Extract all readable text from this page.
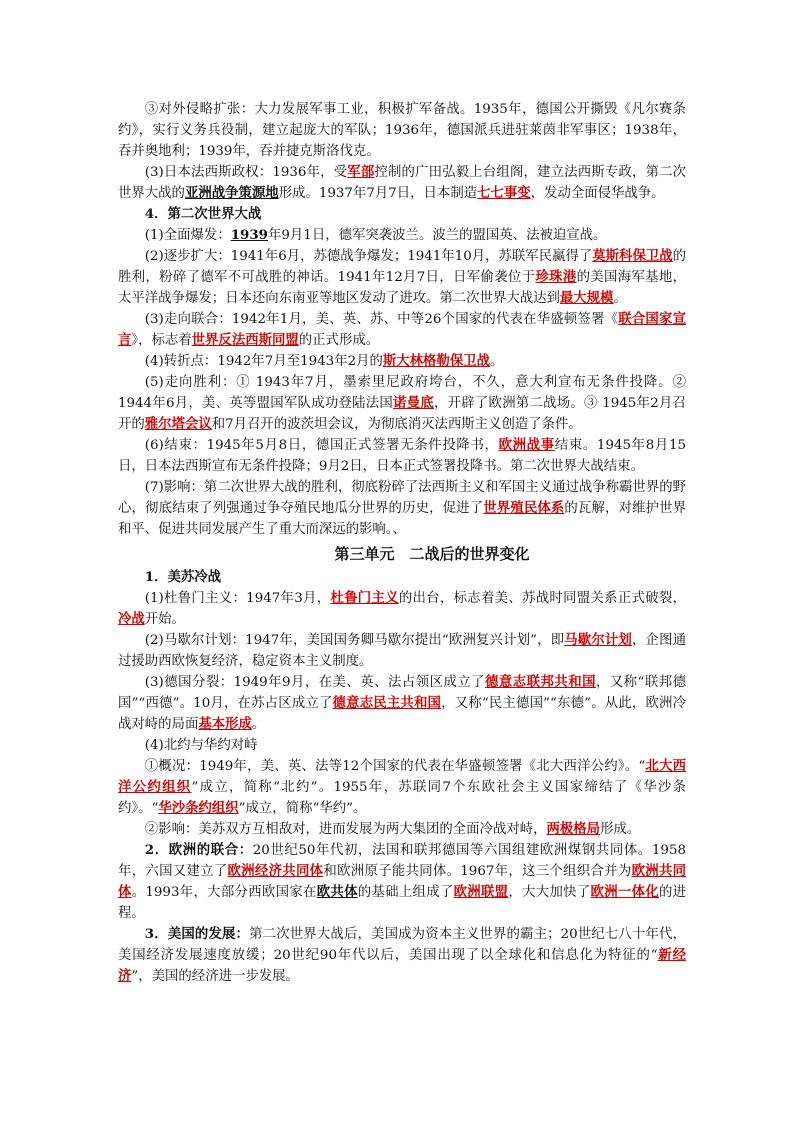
③对外侵略扩张：大力发展军事工业，积极扩军备战。1935年，德国公开撕毁《凡尔赛条约》，实行义务兵役制，建立起庞大的军队；1936年，德国派兵进驻莱茵非军事区；1938年，吞并奥地利；1939年，吞并捷克斯洛伐克。

(3)日本法西斯政权：1936年，受军部控制的广田弘毅上台组阁，建立法西斯专政，第二次世界大战的亚洲战争策源地形成。1937年7月7日，日本制造七七事变，发动全面侵华战争。

4．第二次世界大战

(1)全面爆发：1939年9月1日，德军突袭波兰。波兰的盟国英、法被迫宣战。

(2)逐步扩大：1941年6月，苏德战争爆发；1941年10月，苏联军民赢得了莫斯科保卫战的胜利，粉碎了德军不可战胜的神话。1941年12月7日，日军偷袭位于珍珠港的美国海军基地，太平洋战争爆发；日本还向东南亚等地区发动了进攻。第二次世界大战达到最大规模。

(3)走向联合：1942年1月，美、英、苏、中等26个国家的代表在华盛顿签署《联合国家宣言》，标志着世界反法西斯同盟的正式形成。

(4)转折点：1942年7月至1943年2月的斯大林格勒保卫战。

(5)走向胜利：① 1943年7月，墨索里尼政府垮台，不久，意大利宣布无条件投降。② 1944年6月，美、英等盟国军队成功登陆法国诺曼底，开辟了欧洲第二战场。③ 1945年2月召开的雅尔塔会议和7月召开的波茨坦会议，为彻底消灭法西斯主义创造了条件。

(6)结束：1945年5月8日，德国正式签署无条件投降书，欧洲战事结束。1945年8月15日，日本法西斯宣布无条件投降；9月2日，日本正式签署投降书。第二次世界大战结束。

(7)影响：第二次世界大战的胜利，彻底粉碎了法西斯主义和军国主义通过战争称霸世界的野心，彻底结束了列强通过争夺殖民地瓜分世界的历史，促进了世界殖民体系的瓦解，对维护世界和平、促进共同发展产生了重大而深远的影响。、

第三单元　二战后的世界变化

1．美苏冷战

(1)杜鲁门主义：1947年3月，杜鲁门主义的出台，标志着美、苏战时同盟关系正式破裂，冷战开始。

(2)马歇尔计划：1947年，美国国务卿马歇尔提出“欧洲复兴计划”，即马歇尔计划，企图通过援助西欧恢复经济，稳定资本主义制度。

(3)德国分裂：1949年9月，在美、英、法占领区成立了德意志联邦共和国，又称“联邦德国”“西德”。10月，在苏占区成立了德意志民主共和国，又称“民主德国”“东德”。从此，欧洲冷战对峙的局面基本形成。

(4)北约与华约对峙

①概况：1949年，美、英、法等12个国家的代表在华盛顿签署《北大西洋公约》。“北大西洋公约组织”成立，简称“北约”。1955年，苏联同7个东欧社会主义国家缔结了《华沙条约》。“华沙条约组织”成立，简称“华约”。

②影响：美苏双方互相敌对，进而发展为两大集团的全面冷战对峙，两极格局形成。

2．欧洲的联合：20世纪50年代初，法国和联邦德国等六国组建欧洲煤钢共同体。1958年，六国又建立了欧洲经济共同体和欧洲原子能共同体。1967年，这三个组织合并为欧洲共同体。1993年，大部分西欧国家在欧共体的基础上组成了欧洲联盟，大大加快了欧洲一体化的进程。

3．美国的发展：第二次世界大战后，美国成为资本主义世界的霸主；20世纪七八十年代，美国经济发展速度放缓；20世纪90年代以后，美国出现了以全球化和信息化为特征的“新经济”，美国的经济进一步发展。
